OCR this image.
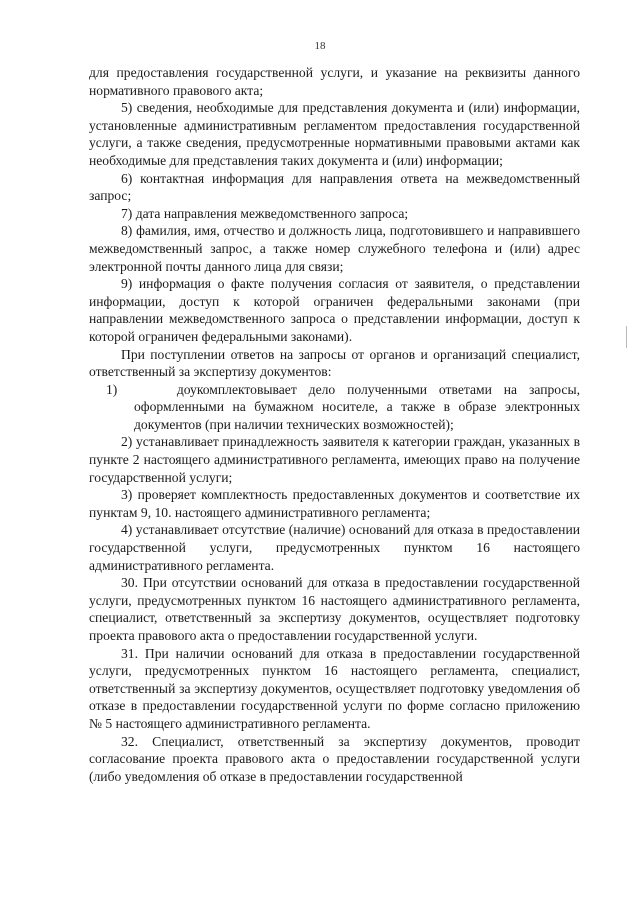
18

для предоставления государственной услуги, и указание на реквизиты данного нормативного правового акта;

5) сведения, необходимые для представления документа и (или) информации, установленные административным регламентом предоставления государственной услуги, а также сведения, предусмотренные нормативными правовыми актами как необходимые для представления таких документа и (или) информации;

6) контактная информация для направления ответа на межведомственный запрос;

7) дата направления межведомственного запроса;

8) фамилия, имя, отчество и должность лица, подготовившего и направившего межведомственный запрос, а также номер служебного телефона и (или) адрес электронной почты данного лица для связи;

9) информация о факте получения согласия от заявителя, о представлении информации, доступ к которой ограничен федеральными законами (при направлении межведомственного запроса о представлении информации, доступ к которой ограничен федеральными законами).

При поступлении ответов на запросы от органов и организаций специалист, ответственный за экспертизу документов:

1)     доукомплектовывает дело полученными ответами на запросы, оформленными на бумажном носителе, а также в образе электронных документов (при наличии технических возможностей);

2) устанавливает принадлежность заявителя к категории граждан, указанных в пункте 2 настоящего административного регламента, имеющих право на получение государственной услуги;

3) проверяет комплектность предоставленных документов и соответствие их пунктам 9, 10. настоящего административного регламента;

4) устанавливает отсутствие (наличие) оснований для отказа в предоставлении государственной услуги, предусмотренных пунктом 16 настоящего административного регламента.

30. При отсутствии оснований для отказа в предоставлении государственной услуги, предусмотренных пунктом 16 настоящего административного регламента, специалист, ответственный за экспертизу документов, осуществляет подготовку проекта правового акта о предоставлении государственной услуги.

31. При наличии оснований для отказа в предоставлении государственной услуги, предусмотренных пунктом 16 настоящего регламента, специалист, ответственный за экспертизу документов, осуществляет подготовку уведомления об отказе в предоставлении государственной услуги по форме согласно приложению № 5 настоящего административного регламента.

32. Специалист, ответственный за экспертизу документов, проводит согласование проекта правового акта о предоставлении государственной услуги (либо уведомления об отказе в предоставлении государственной
